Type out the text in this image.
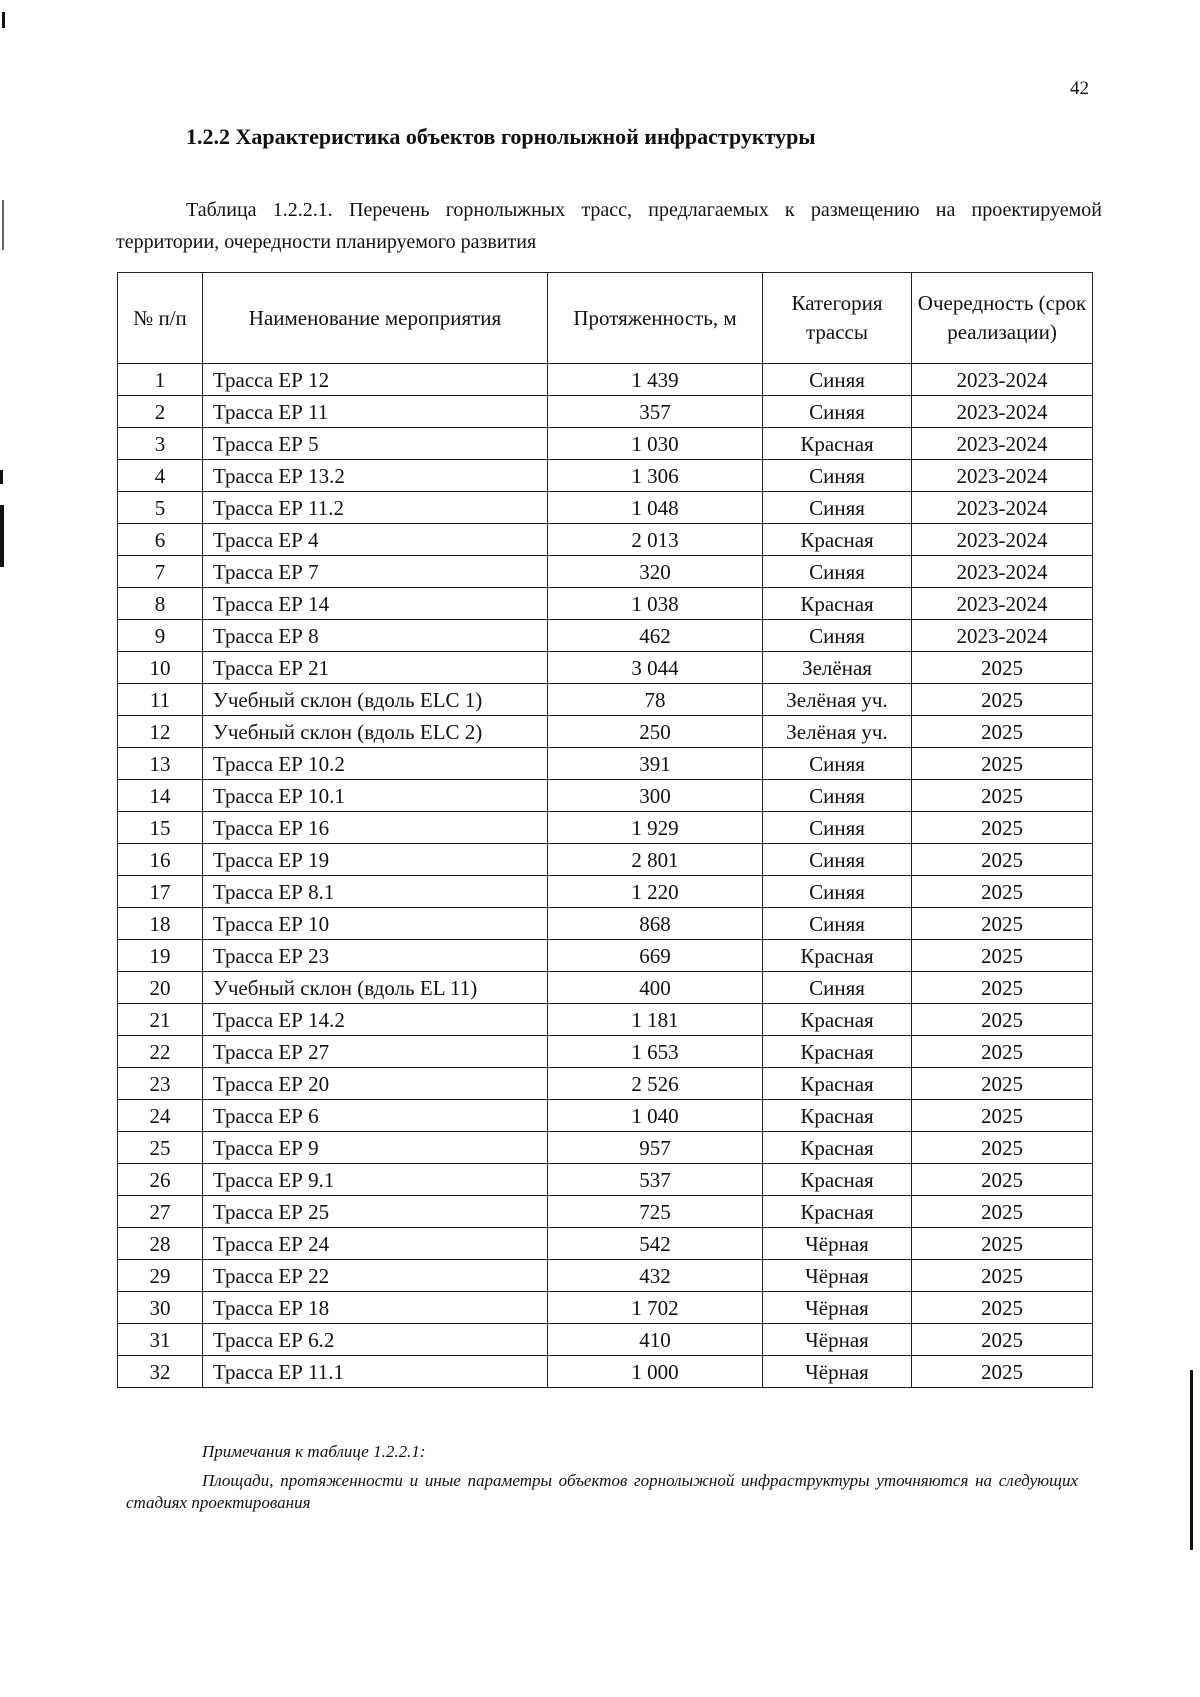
42
1.2.2 Характеристика объектов горнолыжной инфраструктуры
Таблица 1.2.2.1. Перечень горнолыжных трасс, предлагаемых к размещению на проектируемой территории, очередности планируемого развития
№ п/п	Наименование мероприятия	Протяженность, м	Категория трассы	Очередность (срок реализации)
1	Трасса ЕР 12	1 439	Синяя	2023-2024
2	Трасса ЕР 11	357	Синяя	2023-2024
3	Трасса ЕР 5	1 030	Красная	2023-2024
4	Трасса ЕР 13.2	1 306	Синяя	2023-2024
5	Трасса ЕР 11.2	1 048	Синяя	2023-2024
6	Трасса ЕР 4	2 013	Красная	2023-2024
7	Трасса ЕР 7	320	Синяя	2023-2024
8	Трасса ЕР 14	1 038	Красная	2023-2024
9	Трасса ЕР 8	462	Синяя	2023-2024
10	Трасса ЕР 21	3 044	Зелёная	2025
11	Учебный склон (вдоль ELC 1)	78	Зелёная уч.	2025
12	Учебный склон (вдоль ELC 2)	250	Зелёная уч.	2025
13	Трасса ЕР 10.2	391	Синяя	2025
14	Трасса ЕР 10.1	300	Синяя	2025
15	Трасса ЕР 16	1 929	Синяя	2025
16	Трасса ЕР 19	2 801	Синяя	2025
17	Трасса ЕР 8.1	1 220	Синяя	2025
18	Трасса ЕР 10	868	Синяя	2025
19	Трасса ЕР 23	669	Красная	2025
20	Учебный склон (вдоль EL 11)	400	Синяя	2025
21	Трасса ЕР 14.2	1 181	Красная	2025
22	Трасса ЕР 27	1 653	Красная	2025
23	Трасса ЕР 20	2 526	Красная	2025
24	Трасса ЕР 6	1 040	Красная	2025
25	Трасса ЕР 9	957	Красная	2025
26	Трасса ЕР 9.1	537	Красная	2025
27	Трасса ЕР 25	725	Красная	2025
28	Трасса ЕР 24	542	Чёрная	2025
29	Трасса ЕР 22	432	Чёрная	2025
30	Трасса ЕР 18	1 702	Чёрная	2025
31	Трасса ЕР 6.2	410	Чёрная	2025
32	Трасса ЕР 11.1	1 000	Чёрная	2025
Примечания к таблице 1.2.2.1:
Площади, протяженности и иные параметры объектов горнолыжной инфраструктуры уточняются на следующих стадиях проектирования
